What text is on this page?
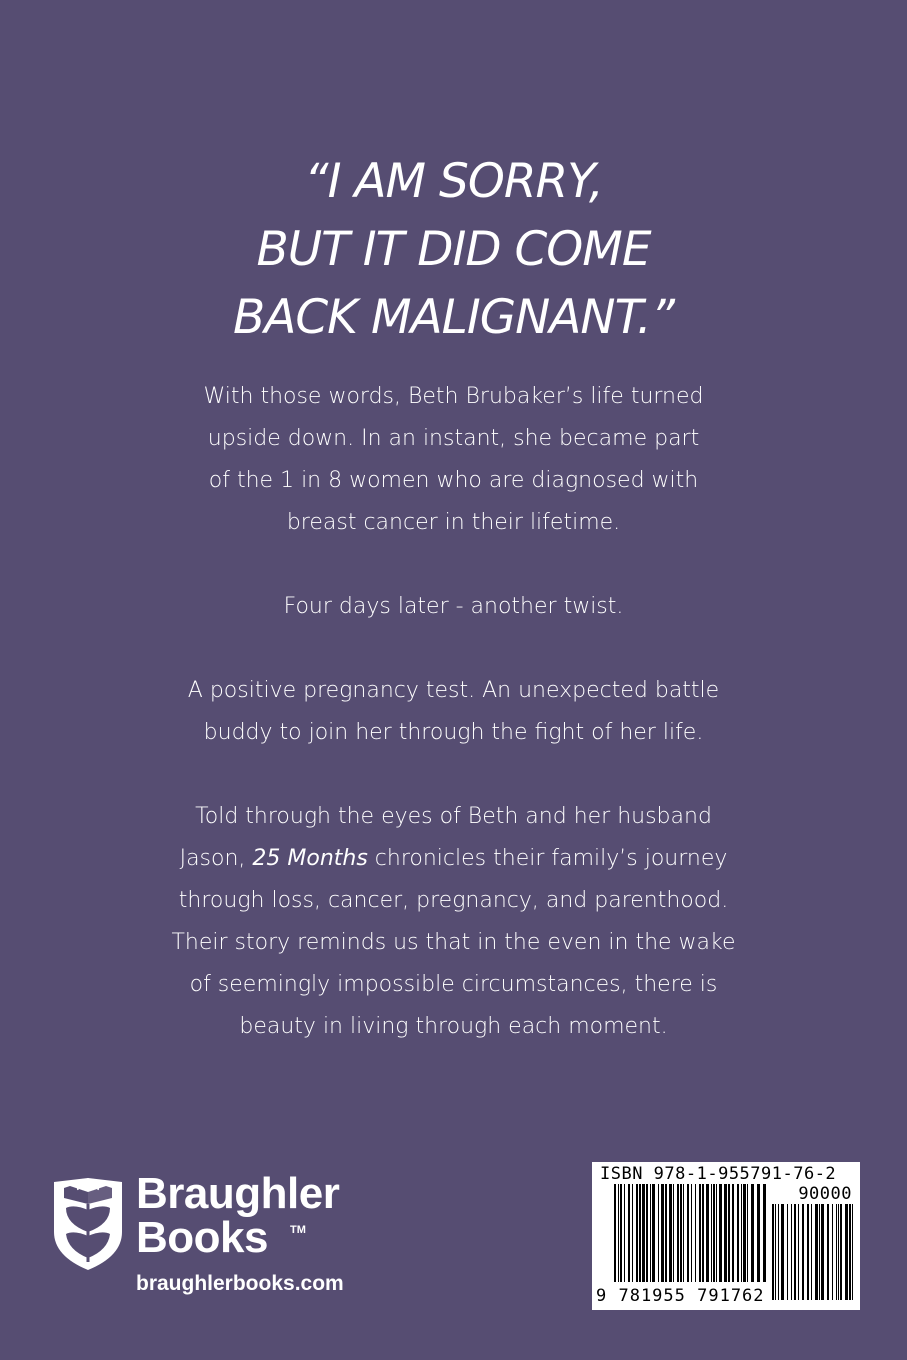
“I AM SORRY,
BUT IT DID COME
BACK MALIGNANT.”
With those words, Beth Brubaker’s life turned
upside down. In an instant, she became part
of the 1 in 8 women who are diagnosed with
breast cancer in their lifetime.
Four days later - another twist.
A positive pregnancy test. An unexpected battle
buddy to join her through the fight of her life.
Told through the eyes of Beth and her husband
Jason, 25 Months chronicles their family’s journey
through loss, cancer, pregnancy, and parenthood.
Their story reminds us that in the even in the wake
of seemingly impossible circumstances, there is
beauty in living through each moment.
Braughler
Books	TM
braughlerbooks.com
ISBN 978-1-955791-76-2
90000
9 781955 791762
